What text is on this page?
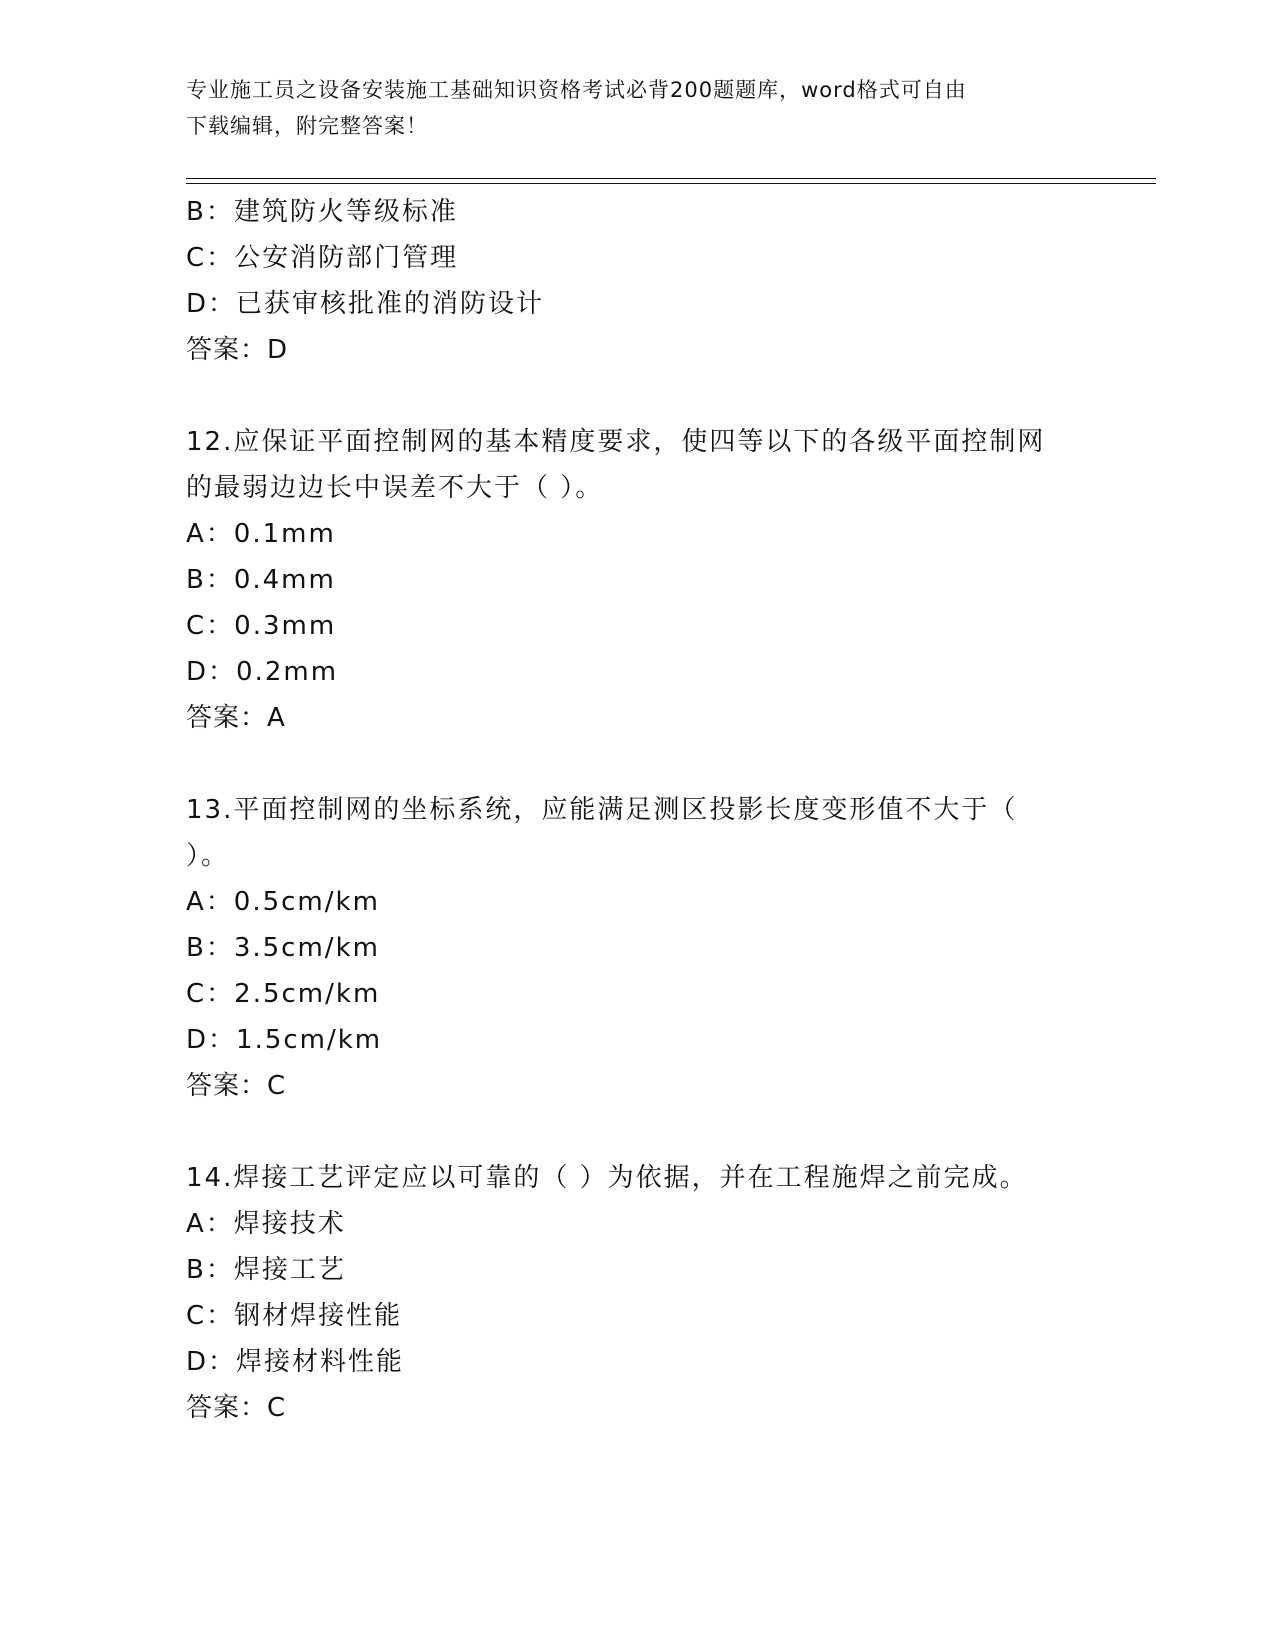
专业施工员之设备安装施工基础知识资格考试必背200题题库，word格式可自由
下载编辑，附完整答案！
B：建筑防火等级标准
C：公安消防部门管理
D：已获审核批准的消防设计
答案：D
12.应保证平面控制网的基本精度要求，使四等以下的各级平面控制网
的最弱边边长中误差不大于（ ）。
A：0.1mm
B：0.4mm
C：0.3mm
D：0.2mm
答案：A
13.平面控制网的坐标系统，应能满足测区投影长度变形值不大于（
）。
A：0.5cm/km
B：3.5cm/km
C：2.5cm/km
D：1.5cm/km
答案：C
14.焊接工艺评定应以可靠的（ ）为依据，并在工程施焊之前完成。
A：焊接技术
B：焊接工艺
C：钢材焊接性能
D：焊接材料性能
答案：C
